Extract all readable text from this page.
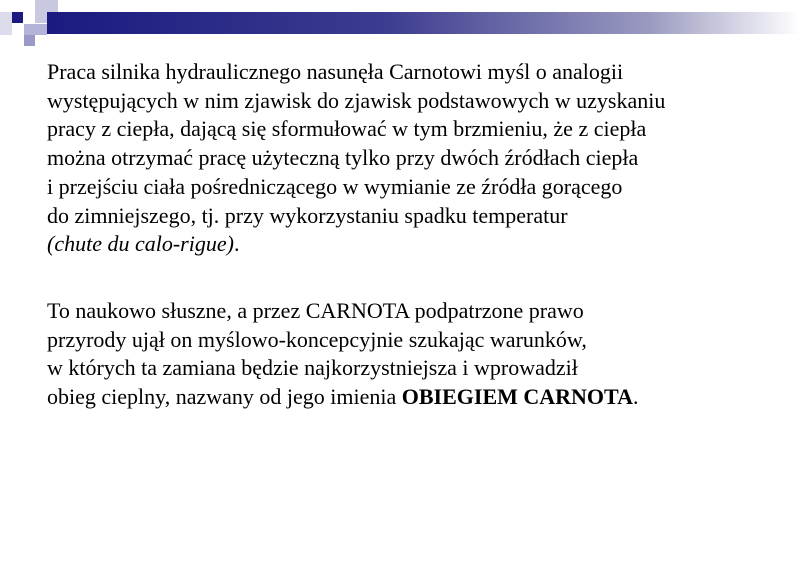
Praca silnika hydraulicznego nasunęła Carnotowi myśl o analogii
występujących w nim zjawisk do zjawisk podstawowych w uzyskaniu
pracy z ciepła, dającą się sformułować w tym brzmieniu, że z ciepła
można otrzymać pracę użyteczną tylko przy dwóch źródłach ciepła
i przejściu ciała pośredniczącego w wymianie ze źródła gorącego
do zimniejszego, tj. przy wykorzystaniu spadku temperatur
(chute du calo-rigue).
To naukowo słuszne, a przez CARNOTA podpatrzone prawo
przyrody ujął on myślowo-koncepcyjnie szukając warunków,
w których ta zamiana będzie najkorzystniejsza i wprowadził
obieg cieplny, nazwany od jego imienia OBIEGIEM CARNOTA.
